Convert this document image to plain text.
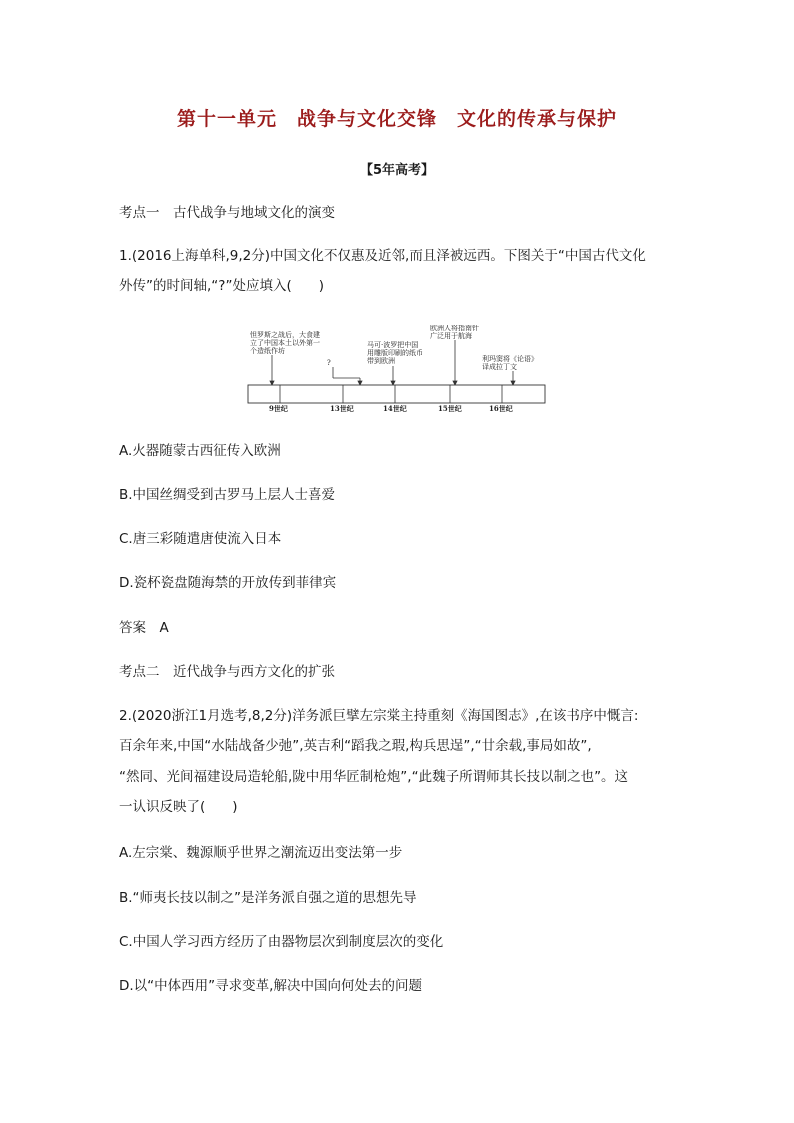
第十一单元　战争与文化交锋　文化的传承与保护
【5年高考】
考点一　古代战争与地域文化的演变
1.(2016上海单科,9,2分)中国文化不仅惠及近邻,而且泽被远西。下图关于“中国古代文化
外传”的时间轴,“?”处应填入(　　)
怛罗斯之战后，大食建
立了中国本土以外第一
个造纸作坊
?
马可·波罗把中国
用雕版印刷的纸币
带到欧洲
欧洲人将指南针
广泛用于航海
利玛窦将《论语》
译成拉丁文
9世纪	13世纪	14世纪	15世纪	16世纪
A.火器随蒙古西征传入欧洲
B.中国丝绸受到古罗马上层人士喜爱
C.唐三彩随遣唐使流入日本
D.瓷杯瓷盘随海禁的开放传到菲律宾
答案　A
考点二　近代战争与西方文化的扩张
2.(2020浙江1月选考,8,2分)洋务派巨擘左宗棠主持重刻《海国图志》,在该书序中慨言:
百余年来,中国“水陆战备少弛”,英吉利“蹈我之瑕,构兵思逞”,“廿余载,事局如故”,
“然同、光间福建设局造轮船,陇中用华匠制枪炮”,“此魏子所谓师其长技以制之也”。这
一认识反映了(　　)
A.左宗棠、魏源顺乎世界之潮流迈出变法第一步
B.“师夷长技以制之”是洋务派自强之道的思想先导
C.中国人学习西方经历了由器物层次到制度层次的变化
D.以“中体西用”寻求变革,解决中国向何处去的问题
